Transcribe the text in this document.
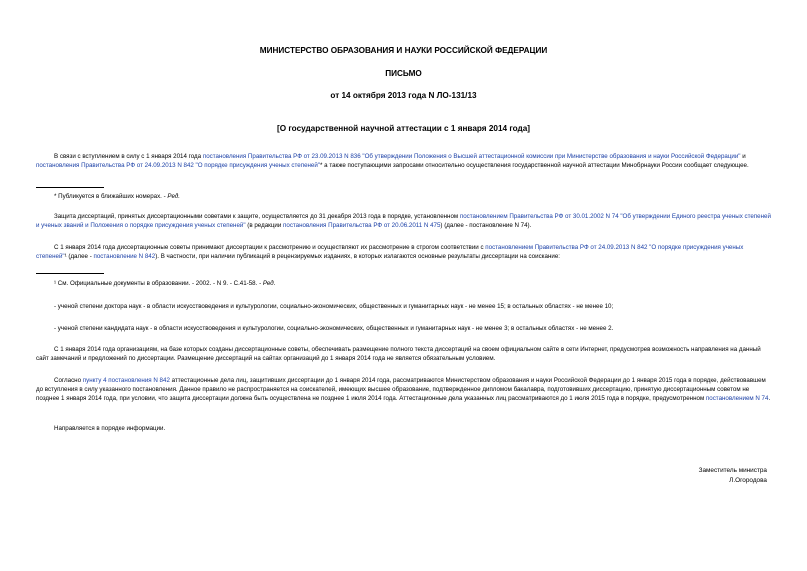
МИНИСТЕРСТВО ОБРАЗОВАНИЯ И НАУКИ РОССИЙСКОЙ ФЕДЕРАЦИИ
ПИСЬМО
от 14 октября 2013 года N ЛО-131/13
[О государственной научной аттестации с 1 января 2014 года]

В связи с вступлением в силу с 1 января 2014 года постановления Правительства РФ от 23.09.2013 N 836 "Об утверждении Положения о Высшей аттестационной комиссии при Министерстве образования и науки Российской Федерации" и постановления Правительства РФ от 24.09.2013 N 842 "О порядке присуждения ученых степеней"* а также поступающими запросами относительно осуществления государственной научной аттестации Минобрнауки России сообщает следующее.

* Публикуется в ближайших номерах. - Ред.

Защита диссертаций, принятых диссертационными советами к защите, осуществляется до 31 декабря 2013 года в порядке, установленном постановлением Правительства РФ от 30.01.2002 N 74 "Об утверждении Единого реестра ученых степеней и ученых званий и Положения о порядке присуждения ученых степеней" (в редакции постановления Правительства РФ от 20.06.2011 N 475) (далее - постановление N 74).

С 1 января 2014 года диссертационные советы принимают диссертации к рассмотрению и осуществляют их рассмотрение в строгом соответствии с постановлением Правительства РФ от 24.09.2013 N 842 "О порядке присуждения ученых степеней"¹ (далее - постановление N 842). В частности, при наличии публикаций в рецензируемых изданиях, в которых излагаются основные результаты диссертации на соискание:

¹ См. Официальные документы в образовании. - 2002. - N 9. - С.41-58. - Ред.

- ученой степени доктора наук - в области искусствоведения и культурологии, социально-экономических, общественных и гуманитарных наук - не менее 15; в остальных областях - не менее 10;

- ученой степени кандидата наук - в области искусствоведения и культурологии, социально-экономических, общественных и гуманитарных наук - не менее 3; в остальных областях - не менее 2.

С 1 января 2014 года организациям, на базе которых созданы диссертационные советы, обеспечивать размещение полного текста диссертаций на своем официальном сайте в сети Интернет, предусмотрев возможность направления на данный сайт замечаний и предложений по диссертации. Размещение диссертаций на сайтах организаций до 1 января 2014 года не является обязательным условием.

Согласно пункту 4 постановления N 842 аттестационные дела лиц, защитивших диссертации до 1 января 2014 года, рассматриваются Министерством образования и науки Российской Федерации до 1 января 2015 года в порядке, действовавшем до вступления в силу указанного постановления. Данное правило не распространяется на соискателей, имеющих высшее образование, подтвержденное дипломом бакалавра, подготовивших диссертацию, принятую диссертационным советом не позднее 1 января 2014 года, при условии, что защита диссертации должна быть осуществлена не позднее 1 июля 2014 года. Аттестационные дела указанных лиц рассматриваются до 1 июля 2015 года в порядке, предусмотренном постановлением N 74.

Направляется в порядке информации.

Заместитель министра
Л.Огородова
